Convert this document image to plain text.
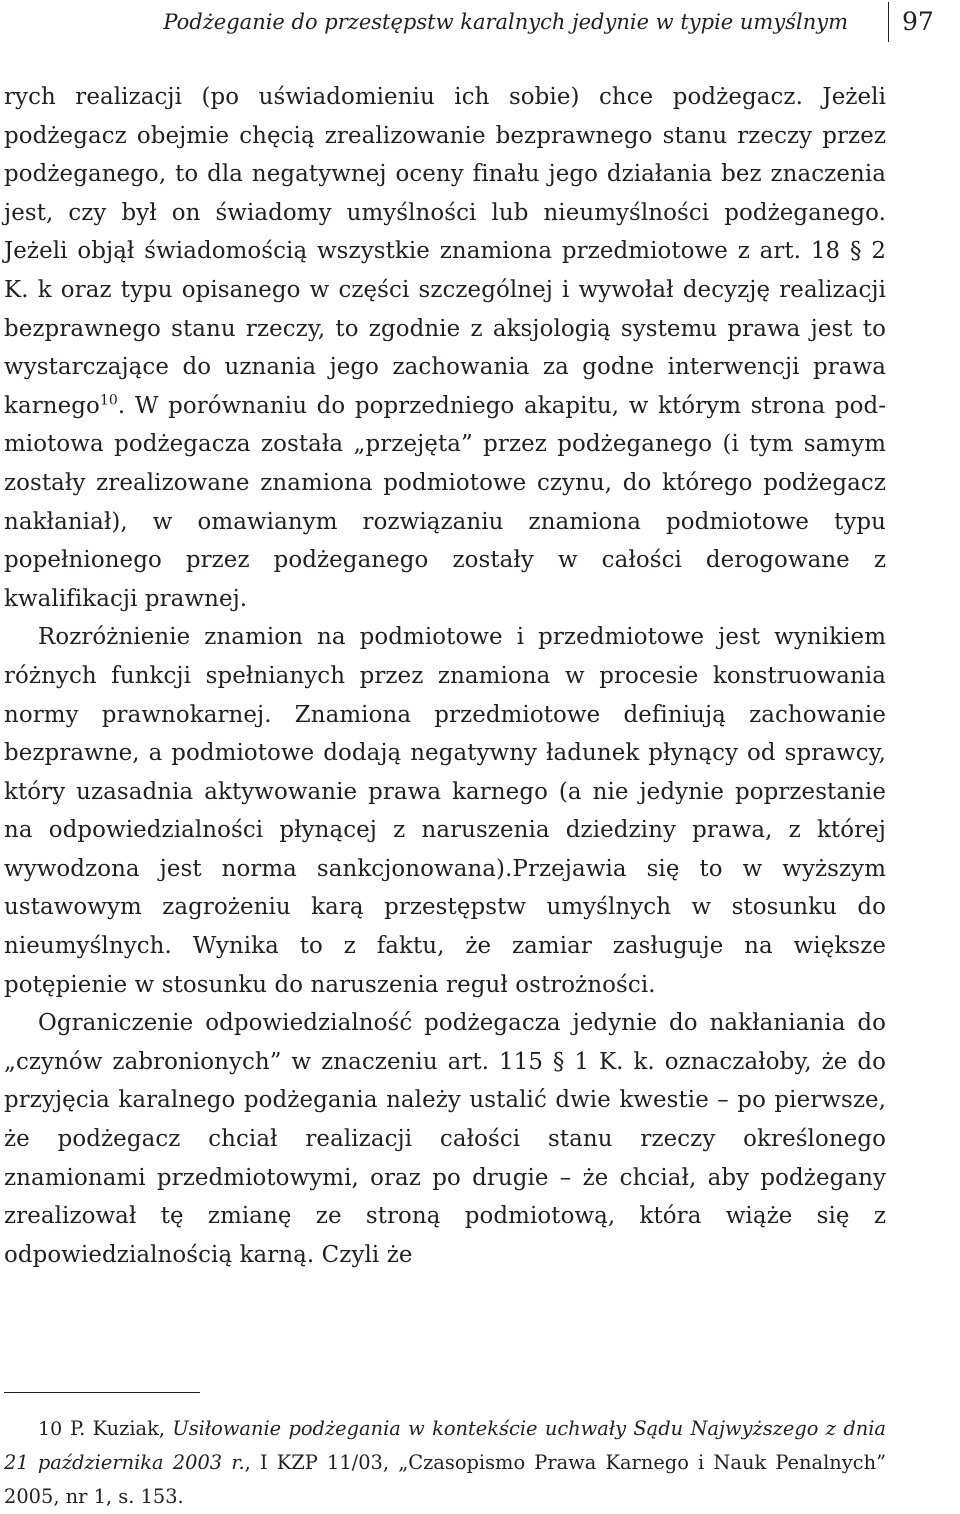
Podżeganie do przestępstw karalnych jedynie w typie umyślnym 97

rych realizacji (po uświadomieniu ich sobie) chce podżegacz. Jeżeli podżegacz obejmie chęcią zrealizowanie bezprawnego stanu rzeczy przez podżeganego, to dla negatywnej oceny finału jego działania bez znaczenia jest, czy był on świadomy umyślności lub nieumyślności podżeganego. Jeżeli objął świadomością wszystkie znamiona przedmiotowe z art. 18 § 2 K. k oraz typu opisanego w części szczególnej i wywołał decyzję realizacji bezprawnego stanu rzeczy, to zgodnie z aksjologią systemu prawa jest to wystarczające do uznania jego zachowania za godne interwencji prawa karnego$^{10}$. W porównaniu do poprzedniego akapitu, w którym strona podmiotowa podżegacza została „przejęta” przez podżeganego (i tym samym zostały zrealizowane znamiona podmiotowe czynu, do którego podżegacz nakłaniał), w omawianym rozwiązaniu znamiona podmiotowe typu popełnionego przez podżeganego zostały w całości derogowane z kwalifikacji prawnej.

Rozróżnienie znamion na podmiotowe i przedmiotowe jest wynikiem różnych funkcji spełnianych przez znamiona w procesie konstruowania normy prawnokarnej. Znamiona przedmiotowe definiują zachowanie bezprawne, a podmiotowe dodają negatywny ładunek płynący od sprawcy, który uzasadnia aktywowanie prawa karnego (a nie jedynie poprzestanie na odpowiedzialności płynącej z naruszenia dziedziny prawa, z której wywodzona jest norma sankcjonowana).Przejawia się to w wyższym ustawowym zagrożeniu karą przestępstw umyślnych w stosunku do nieumyślnych. Wynika to z faktu, że zamiar zasługuje na większe potępienie w stosunku do naruszenia reguł ostrożności.

Ograniczenie odpowiedzialność podżegacza jedynie do nakłaniania do „czynów zabronionych” w znaczeniu art. 115 § 1 K. k. oznaczałoby, że do przyjęcia karalnego podżegania należy ustalić dwie kwestie – po pierwsze, że podżegacz chciał realizacji całości stanu rzeczy określonego znamionami przedmiotowymi, oraz po drugie – że chciał, aby podżegany zrealizował tę zmianę ze stroną podmiotową, która wiąże się z odpowiedzialnością karną. Czyli że

10 P. Kuziak, Usiłowanie podżegania w kontekście uchwały Sądu Najwyższego z dnia 21 października 2003 r., I KZP 11/03, „Czasopismo Prawa Karnego i Nauk Penalnych” 2005, nr 1, s. 153.
